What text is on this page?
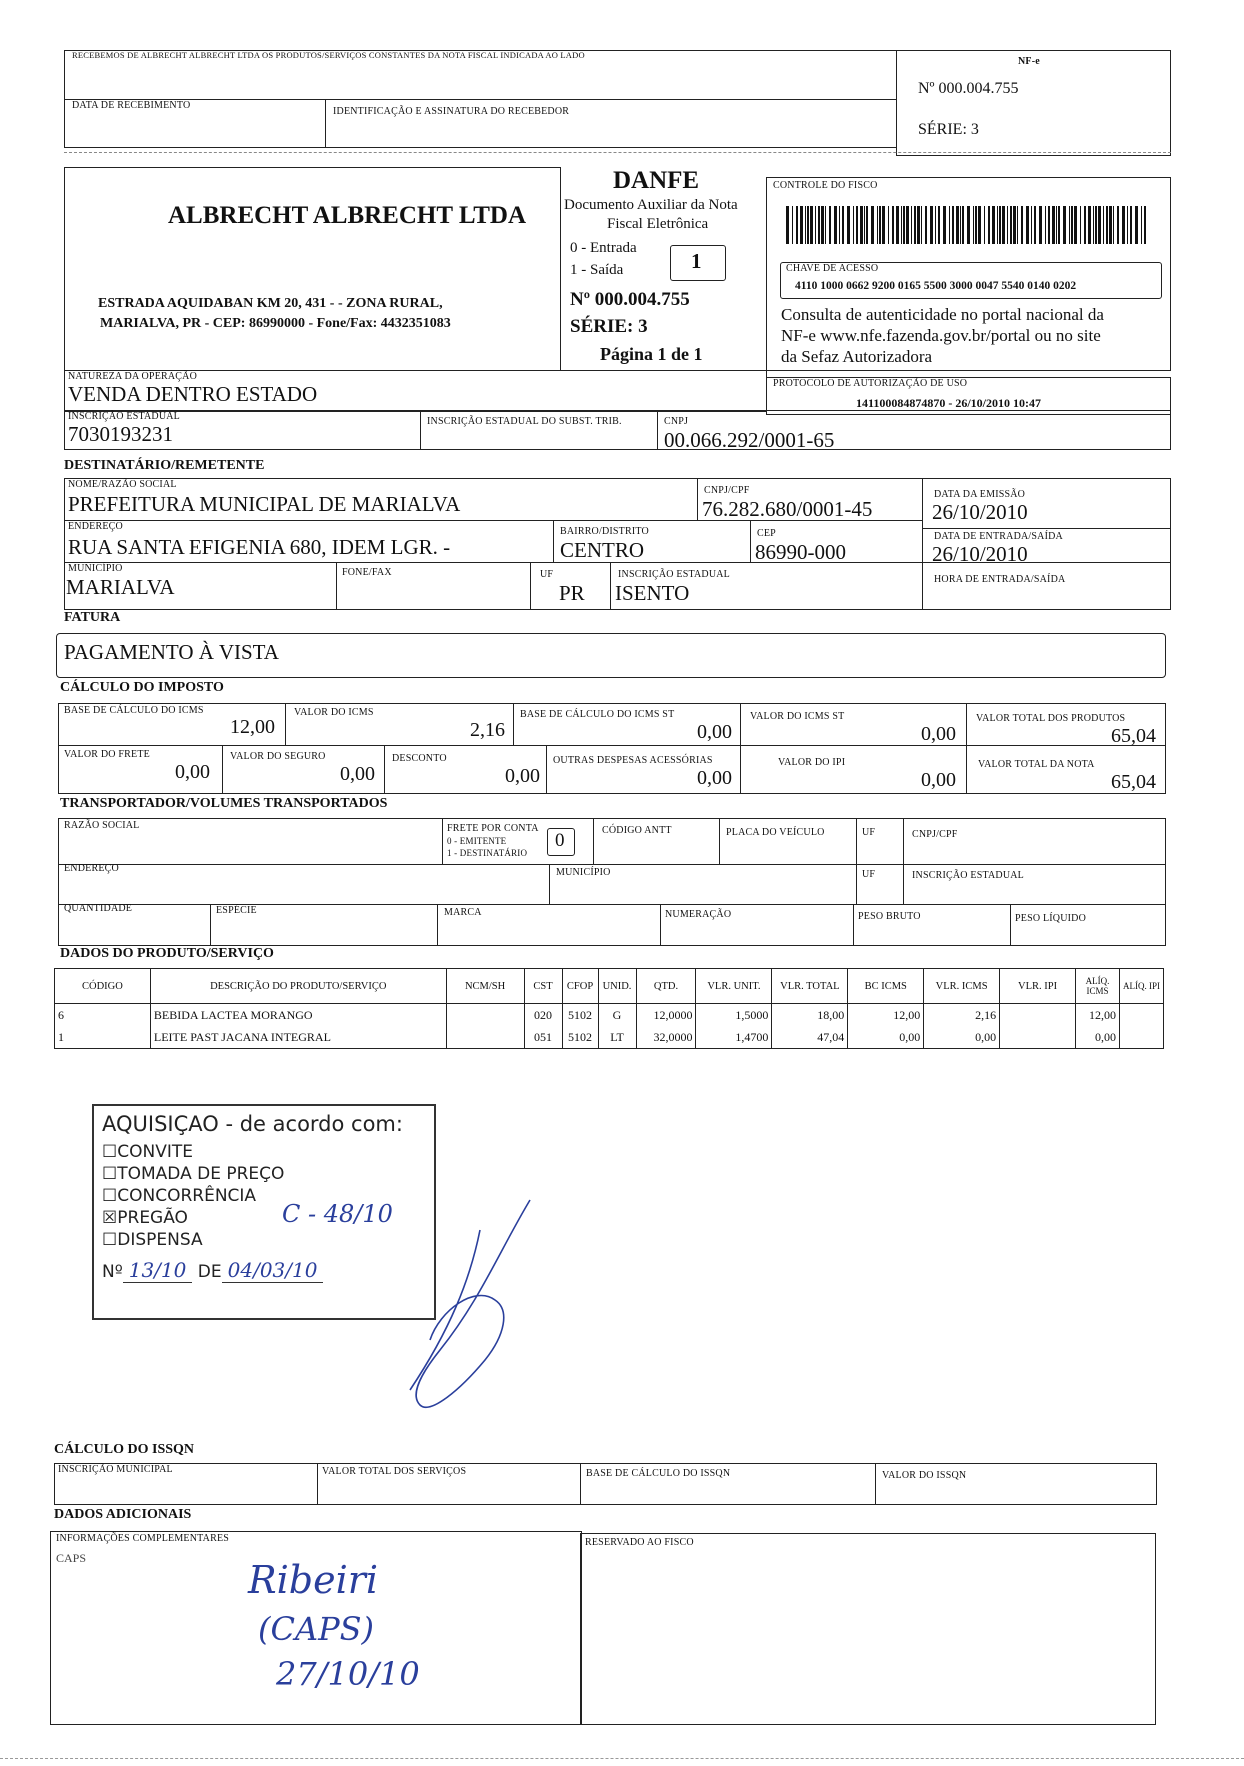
RECEBEMOS DE ALBRECHT ALBRECHT LTDA OS PRODUTOS/SERVIÇOS CONSTANTES DA NOTA FISCAL INDICADA AO LADO
DATA DE RECEBIMENTO
IDENTIFICAÇÃO E ASSINATURA DO RECEBEDOR
NF-e
Nº 000.004.755
SÉRIE: 3
ALBRECHT ALBRECHT LTDA
ESTRADA AQUIDABAN KM 20, 431 - - ZONA RURAL,
MARIALVA, PR - CEP: 86990000 - Fone/Fax: 4432351083
DANFE
Documento Auxiliar da Nota
Fiscal Eletrônica
0 - Entrada
1 - Saída	1
Nº 000.004.755
SÉRIE: 3
Página 1 de 1
CONTROLE DO FISCO
CHAVE DE ACESSO
4110 1000 0662 9200 0165 5500 3000 0047 5540 0140 0202
Consulta de autenticidade no portal nacional da
NF-e www.nfe.fazenda.gov.br/portal ou no site
da Sefaz Autorizadora
NATUREZA DA OPERAÇÃO
VENDA DENTRO ESTADO	PROTOCOLO DE AUTORIZAÇÃO DE USO
141100084874870 - 26/10/2010 10:47
INSCRIÇÃO ESTADUAL
7030193231
INSCRIÇÃO ESTADUAL DO SUBST. TRIB.	CNPJ
00.066.292/0001-65
DESTINATÁRIO/REMETENTE
NOME/RAZÃO SOCIAL
PREFEITURA MUNICIPAL DE MARIALVA
CNPJ/CPF
76.282.680/0001-45
DATA DA EMISSÃO
26/10/2010
ENDEREÇO
RUA SANTA EFIGENIA 680, IDEM LGR. -
BAIRRO/DISTRITO
CENTRO
CEP
86990-000
DATA DE ENTRADA/SAÍDA
26/10/2010
MUNICÍPIO
MARIALVA
FONE/FAX	UF
PR
INSCRIÇÃO ESTADUAL
ISENTO
HORA DE ENTRADA/SAÍDA
FATURA
PAGAMENTO À VISTA
CÁLCULO DO IMPOSTO
BASE DE CÁLCULO DO ICMS
12,00
VALOR DO ICMS
2,16
BASE DE CÁLCULO DO ICMS ST
0,00
VALOR DO ICMS ST
0,00
VALOR TOTAL DOS PRODUTOS
65,04
VALOR DO FRETE
0,00
VALOR DO SEGURO
0,00
DESCONTO
0,00
OUTRAS DESPESAS ACESSÓRIAS
0,00
VALOR DO IPI
0,00
VALOR TOTAL DA NOTA
65,04
TRANSPORTADOR/VOLUMES TRANSPORTADOS
RAZÃO SOCIAL	FRETE POR CONTA
0 - EMITENTE
1 - DESTINATÁRIO
0	CÓDIGO ANTT	PLACA DO VEÍCULO	UF	CNPJ/CPF
ENDEREÇO	MUNICÍPIO	UF	INSCRIÇÃO ESTADUAL
QUANTIDADE	ESPÉCIE	MARCA	NUMERAÇÃO	PESO BRUTO	PESO LÍQUIDO
DADOS DO PRODUTO/SERVIÇO
CÓDIGO	DESCRIÇÃO DO PRODUTO/SERVIÇO	NCM/SH	CST	CFOP	UNID.	QTD.	VLR. UNIT.	VLR. TOTAL	BC ICMS	VLR. ICMS	VLR. IPI	ALÍQ. ICMS	ALÍQ. IPI
6	BEBIDA LACTEA MORANGO		020	5102	G	12,0000	1,5000	18,00	12,00	2,16		12,00	
1	LEITE PAST JACANA INTEGRAL		051	5102	LT	32,0000	1,4700	47,04	0,00	0,00		0,00	
AQUISIÇAO - de acordo com:
☐CONVITE
☐TOMADA DE PREÇO
☐CONCORRÊNCIA
☒PREGÃO
☐DISPENSA
Nº 13/10 DE 04/03/10
C - 48/10
CÁLCULO DO ISSQN
INSCRIÇÃO MUNICIPAL	VALOR TOTAL DOS SERVIÇOS	BASE DE CÁLCULO DO ISSQN	VALOR DO ISSQN
DADOS ADICIONAIS
INFORMAÇÕES COMPLEMENTARES
CAPS
RESERVADO AO FISCO
Ribeiri
(CAPS)
27/10/10
